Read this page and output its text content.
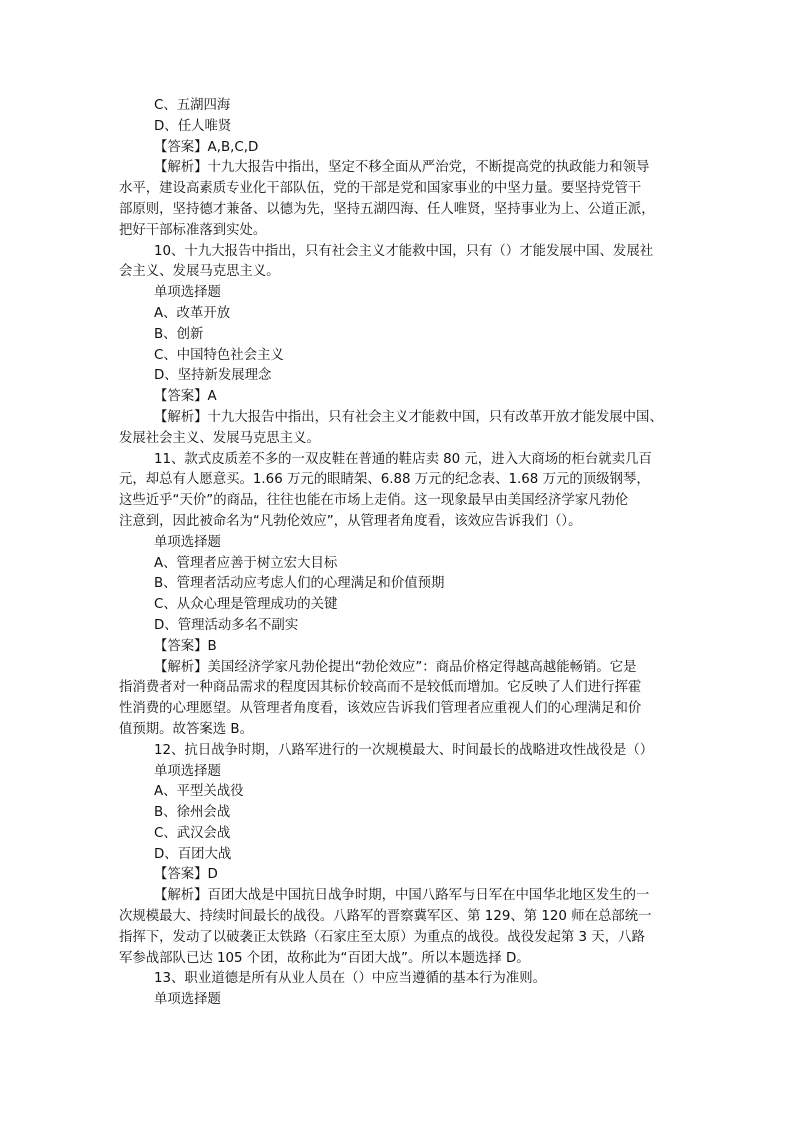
C、五湖四海
D、任人唯贤
【答案】A,B,C,D
【解析】十九大报告中指出，坚定不移全面从严治党，不断提高党的执政能力和领导
水平，建设高素质专业化干部队伍，党的干部是党和国家事业的中坚力量。要坚持党管干
部原则，坚持德才兼备、以德为先，坚持五湖四海、任人唯贤，坚持事业为上、公道正派，
把好干部标准落到实处。
10、十九大报告中指出，只有社会主义才能救中国，只有（）才能发展中国、发展社
会主义、发展马克思主义。
单项选择题
A、改革开放
B、创新
C、中国特色社会主义
D、坚持新发展理念
【答案】A
【解析】十九大报告中指出，只有社会主义才能救中国，只有改革开放才能发展中国、
发展社会主义、发展马克思主义。
11、款式皮质差不多的一双皮鞋在普通的鞋店卖 80 元，进入大商场的柜台就卖几百
元，却总有人愿意买。1.66 万元的眼睛架、6.88 万元的纪念表、1.68 万元的顶级钢琴，
这些近乎“天价”的商品，往往也能在市场上走俏。这一现象最早由美国经济学家凡勃伦
注意到，因此被命名为“凡勃伦效应”，从管理者角度看，该效应告诉我们（）。
单项选择题
A、管理者应善于树立宏大目标
B、管理者活动应考虑人们的心理满足和价值预期
C、从众心理是管理成功的关键
D、管理活动多名不副实
【答案】B
【解析】美国经济学家凡勃伦提出“勃伦效应”：商品价格定得越高越能畅销。它是
指消费者对一种商品需求的程度因其标价较高而不是较低而增加。它反映了人们进行挥霍
性消费的心理愿望。从管理者角度看，该效应告诉我们管理者应重视人们的心理满足和价
值预期。故答案选 B。
12、抗日战争时期，八路军进行的一次规模最大、时间最长的战略进攻性战役是（）
单项选择题
A、平型关战役
B、徐州会战
C、武汉会战
D、百团大战
【答案】D
【解析】百团大战是中国抗日战争时期，中国八路军与日军在中国华北地区发生的一
次规模最大、持续时间最长的战役。八路军的晋察冀军区、第 129、第 120 师在总部统一
指挥下，发动了以破袭正太铁路（石家庄至太原）为重点的战役。战役发起第 3 天，八路
军参战部队已达 105 个团，故称此为“百团大战”。所以本题选择 D。
13、职业道德是所有从业人员在（）中应当遵循的基本行为准则。
单项选择题
